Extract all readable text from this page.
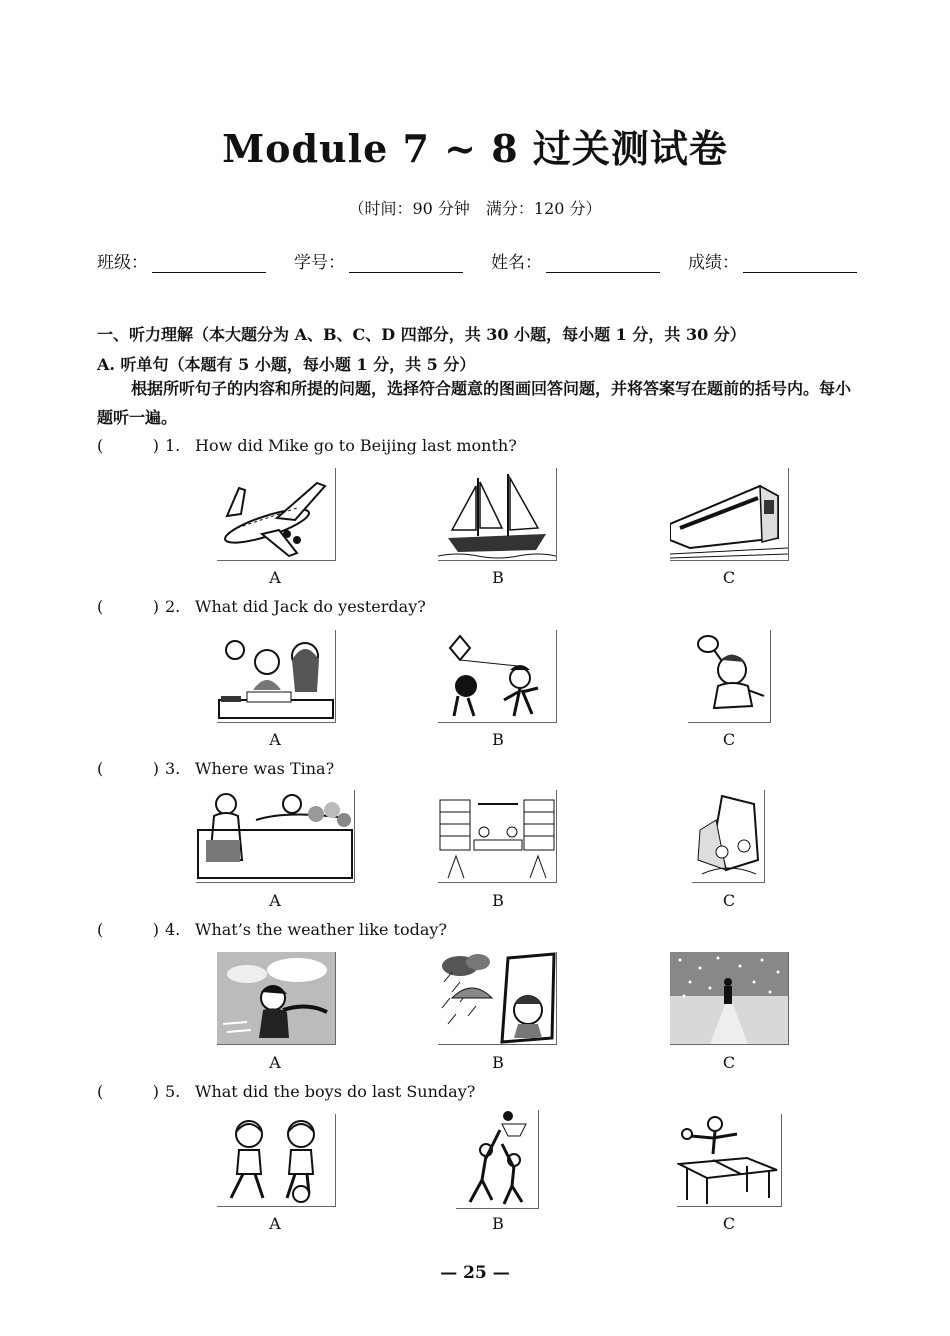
Module 7 ~ 8 过关测试卷
（时间：90 分钟　满分：120 分）
班级：	学号：	姓名：	成绩：
一、听力理解（本大题分为 A、B、C、D 四部分，共 30 小题，每小题 1 分，共 30 分）
A. 听单句（本题有 5 小题，每小题 1 分，共 5 分）
根据所听句子的内容和所提的问题，选择符合题意的图画回答问题，并将答案写在题前的括号内。每小题听一遍。
(	) 1. How did Mike go to Beijing last month?
A	B	C
(	) 2. What did Jack do yesterday?
A	B	C
(	) 3. Where was Tina?
A	B	C
(	) 4. What’s the weather like today?
A	B	C
(	) 5. What did the boys do last Sunday?
A	B	C
— 25 —
